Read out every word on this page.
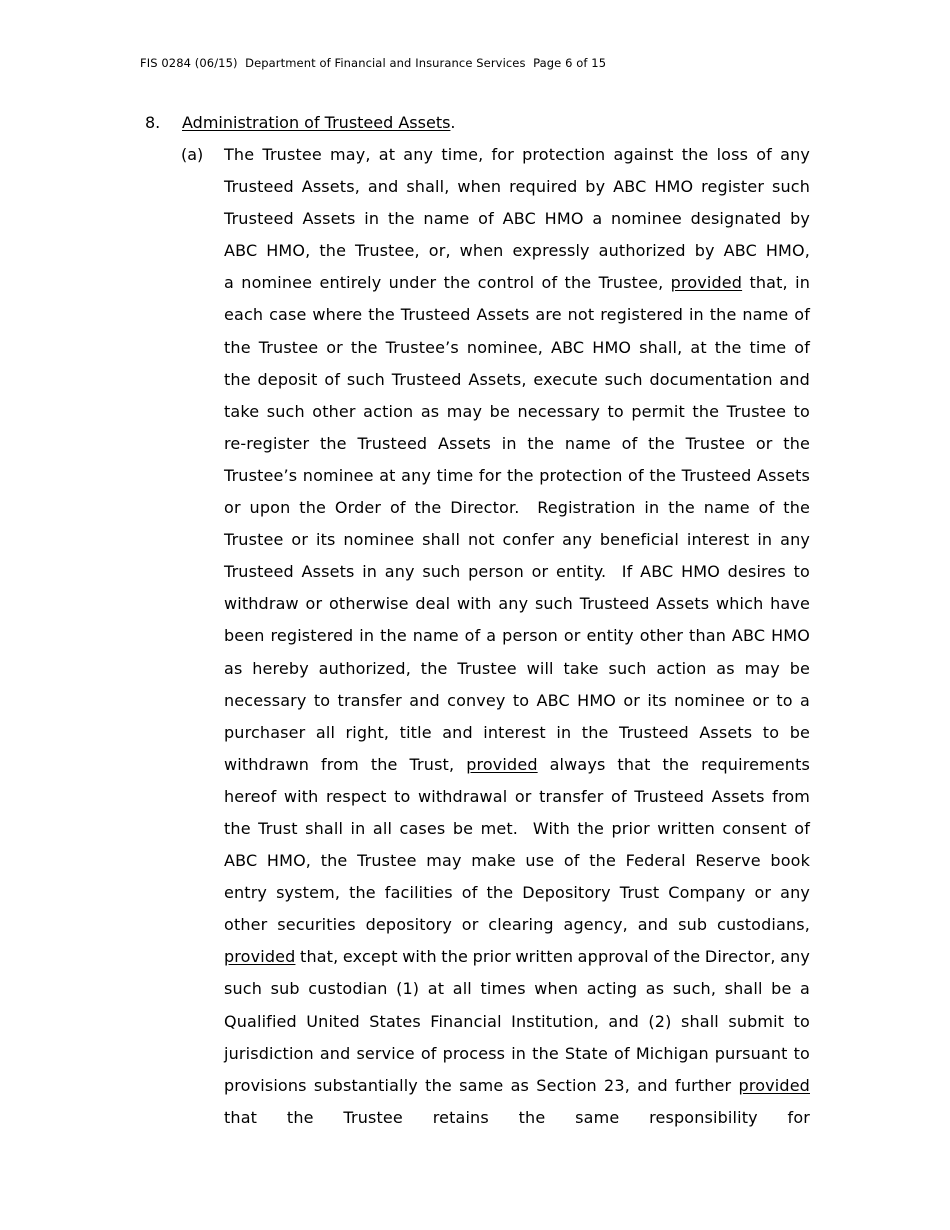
FIS 0284 (06/15)  Department of Financial and Insurance Services  Page 6 of 15
8. Administration of Trusteed Assets.
(a) The Trustee may, at any time, for protection against the loss of any
Trusteed Assets, and shall, when required by ABC HMO register such
Trusteed Assets in the name of ABC HMO a nominee designated by
ABC HMO, the Trustee, or, when expressly authorized by ABC HMO,
a nominee entirely under the control of the Trustee, provided that, in
each case where the Trusteed Assets are not registered in the name of
the Trustee or the Trustee’s nominee, ABC HMO shall, at the time of
the deposit of such Trusteed Assets, execute such documentation and
take such other action as may be necessary to permit the Trustee to
re-register the Trusteed Assets in the name of the Trustee or the
Trustee’s nominee at any time for the protection of the Trusteed Assets
or upon the Order of the Director.  Registration in the name of the
Trustee or its nominee shall not confer any beneficial interest in any
Trusteed Assets in any such person or entity.  If ABC HMO desires to
withdraw or otherwise deal with any such Trusteed Assets which have
been registered in the name of a person or entity other than ABC HMO
as hereby authorized, the Trustee will take such action as may be
necessary to transfer and convey to ABC HMO or its nominee or to a
purchaser all right, title and interest in the Trusteed Assets to be
withdrawn from the Trust, provided always that the requirements
hereof with respect to withdrawal or transfer of Trusteed Assets from
the Trust shall in all cases be met.  With the prior written consent of
ABC HMO, the Trustee may make use of the Federal Reserve book
entry system, the facilities of the Depository Trust Company or any
other securities depository or clearing agency, and sub custodians,
provided that, except with the prior written approval of the Director, any
such sub custodian (1) at all times when acting as such, shall be a
Qualified United States Financial Institution, and (2) shall submit to
jurisdiction and service of process in the State of Michigan pursuant to
provisions substantially the same as Section 23, and further provided
that the Trustee retains the same responsibility for
